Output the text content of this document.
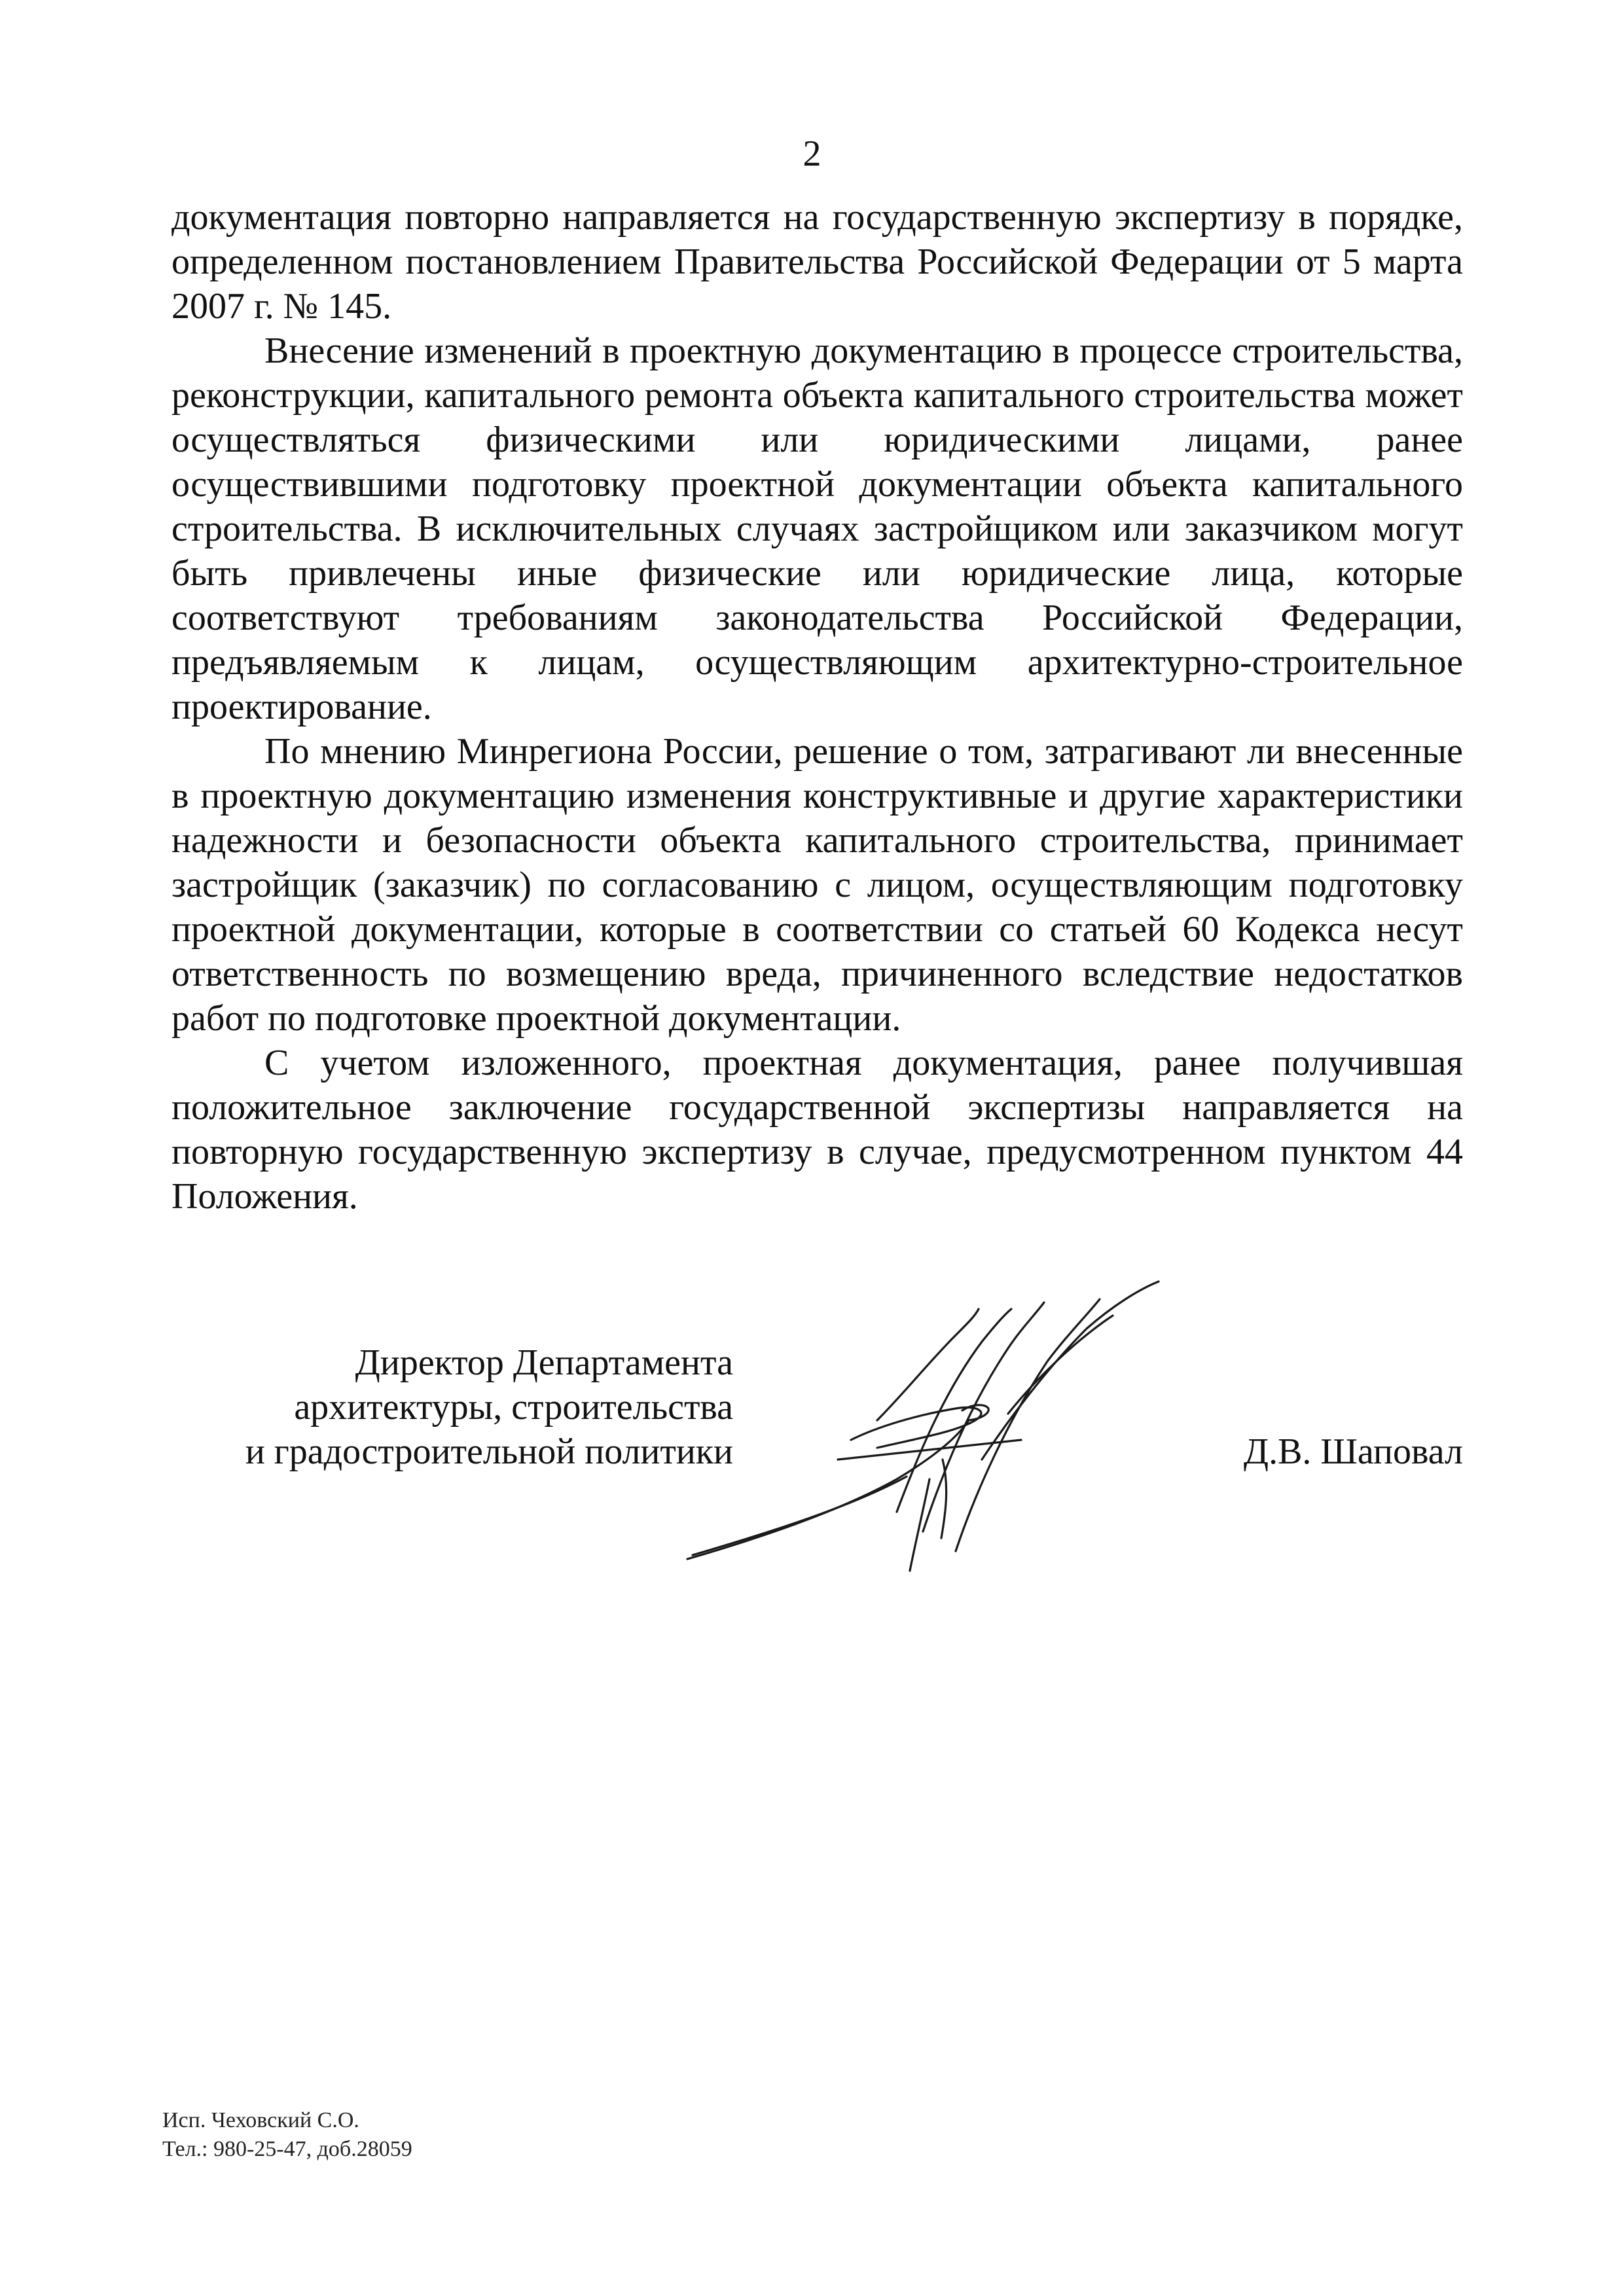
2

документация повторно направляется на государственную экспертизу в порядке, определенном постановлением Правительства Российской Федерации от 5 марта 2007 г. № 145.

Внесение изменений в проектную документацию в процессе строительства, реконструкции, капитального ремонта объекта капитального строительства может осуществляться физическими или юридическими лицами, ранее осуществившими подготовку проектной документации объекта капитального строительства. В исключительных случаях застройщиком или заказчиком могут быть привлечены иные физические или юридические лица, которые соответствуют требованиям законодательства Российской Федерации, предъявляемым к лицам, осуществляющим архитектурно-строительное проектирование.

По мнению Минрегиона России, решение о том, затрагивают ли внесенные в проектную документацию изменения конструктивные и другие характеристики надежности и безопасности объекта капитального строительства, принимает застройщик (заказчик) по согласованию с лицом, осуществляющим подготовку проектной документации, которые в соответствии со статьей 60 Кодекса несут ответственность по возмещению вреда, причиненного вследствие недостатков работ по подготовке проектной документации.

С учетом изложенного, проектная документация, ранее получившая положительное заключение государственной экспертизы направляется на повторную государственную экспертизу в случае, предусмотренном пунктом 44 Положения.

Директор Департамента
архитектуры, строительства
и градостроительной политики	Д.В. Шаповал
Исп. Чеховский С.О.
Тел.: 980-25-47, доб.28059
